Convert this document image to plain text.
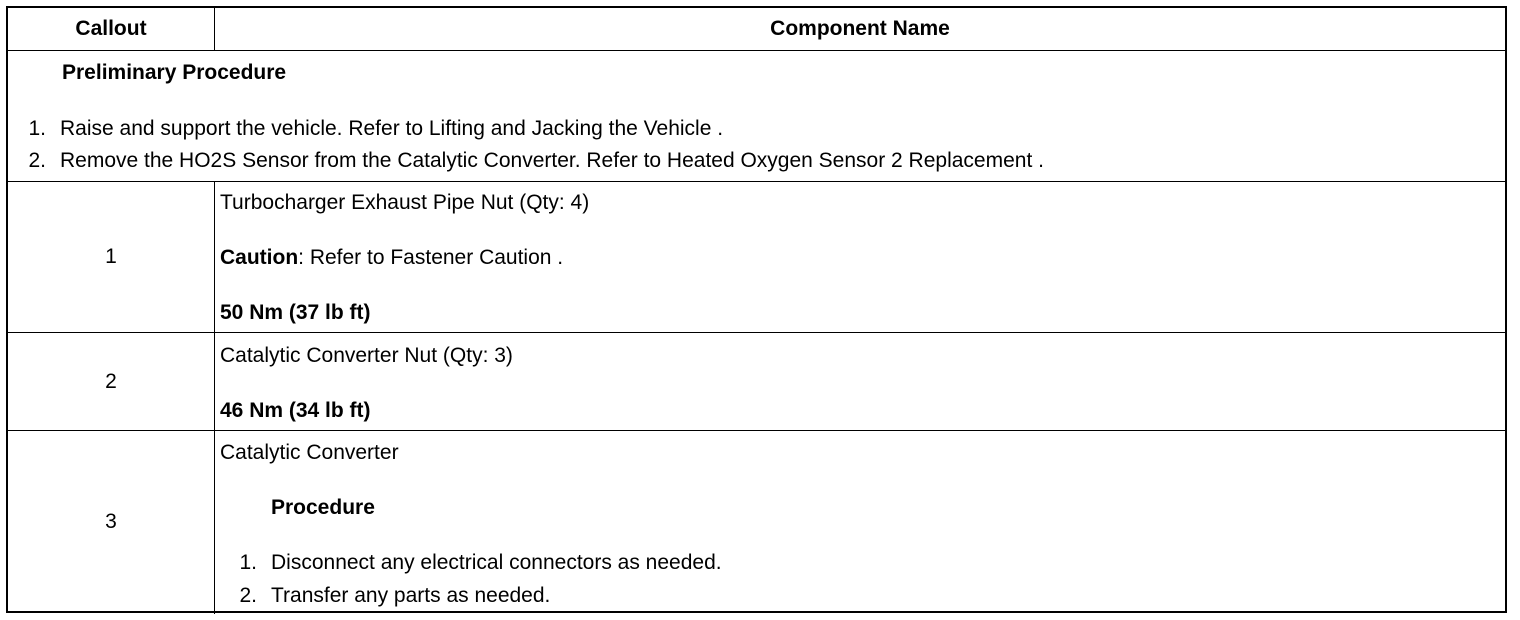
Callout	Component Name
Preliminary Procedure
1. Raise and support the vehicle. Refer to Lifting and Jacking the Vehicle .
2. Remove the HO2S Sensor from the Catalytic Converter. Refer to Heated Oxygen Sensor 2 Replacement .
1
Turbocharger Exhaust Pipe Nut (Qty: 4)
Caution: Refer to Fastener Caution .
50 Nm (37 lb ft)
2
Catalytic Converter Nut (Qty: 3)
46 Nm (34 lb ft)
3
Catalytic Converter
Procedure
1. Disconnect any electrical connectors as needed.
2. Transfer any parts as needed.
